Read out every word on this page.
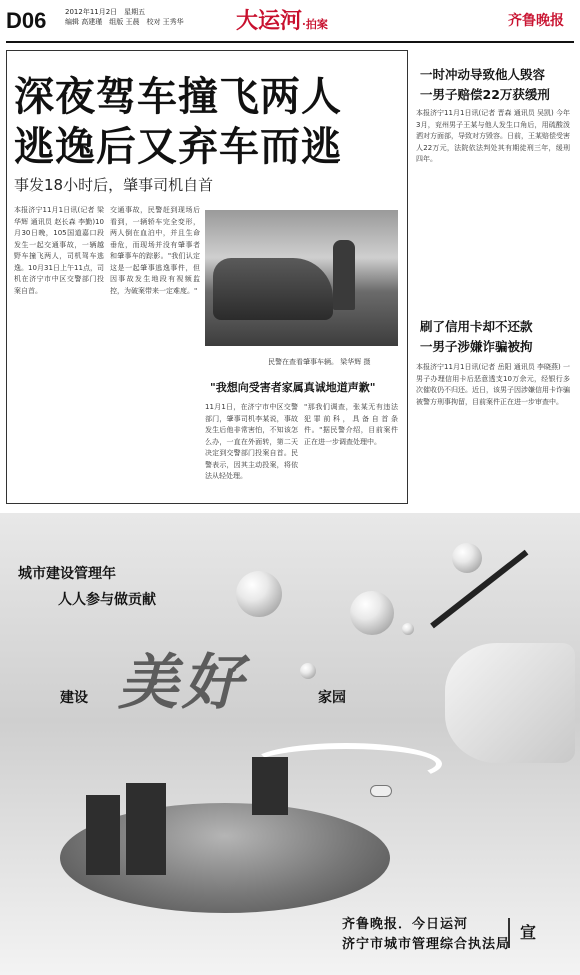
D06	2012年11月2日　星期五
编辑 高建瑾　组版 王晨　校对 王秀华	大运河·拍案	齐鲁晚报
深夜驾车撞飞两人
逃逸后又弃车而逃
事发18小时后，肇事司机自首
本报济宁11月1日讯(记者 梁华辉 通讯员 赵长森 李勤)10月30日晚，105国道嘉口段发生一起交通事故，一辆越野车撞飞两人，司机驾车逃逸。10月31日上午11点，司机在济宁市中区交警部门投案自首。
交通事故，民警赶到现场后看到，一辆轿车完全变形，两人倒在血泊中，并且生命垂危，而现场并没有肇事者和肇事车的踪影。"我们认定这是一起肇事逃逸事件，但因事故发生地段有视频监控，为破案带来一定难度。"
民警在查看肇事车辆。 梁华辉 摄
"我想向受害者家属真诚地道声歉"
11月1日，在济宁市中区交警部门，肇事司机李某说，事故发生后他非常害怕，不知该怎么办，一直在外面转，第二天决定到交警部门投案自首。民警表示，因其主动投案，将依法从轻处理。
"那我们调查，张某无有违法犯罪前科，具备自首条件。"据民警介绍，目前案件正在进一步调查处理中。
一时冲动导致他人毁容
一男子赔偿22万获缓刑
本报济宁11月1日讯(记者 晋森 通讯员 吴凯) 今年3月，兖州男子王某与他人发生口角后，用硫酸泼洒对方面部，导致对方毁容。日前，王某赔偿受害人22万元，法院依法判处其有期徒刑三年，缓刑四年。
刷了信用卡却不还款
一男子涉嫌诈骗被拘
本报济宁11月1日讯(记者 岳阳 通讯员 李晓燕) 一男子办理信用卡后恶意透支10万余元，经银行多次催收仍不归还。近日，该男子因涉嫌信用卡诈骗被警方刑事拘留，目前案件正在进一步审查中。
城市建设管理年
人人参与做贡献
美好
建设	家园
齐鲁晚报．今日运河
济宁市城市管理综合执法局
宣
